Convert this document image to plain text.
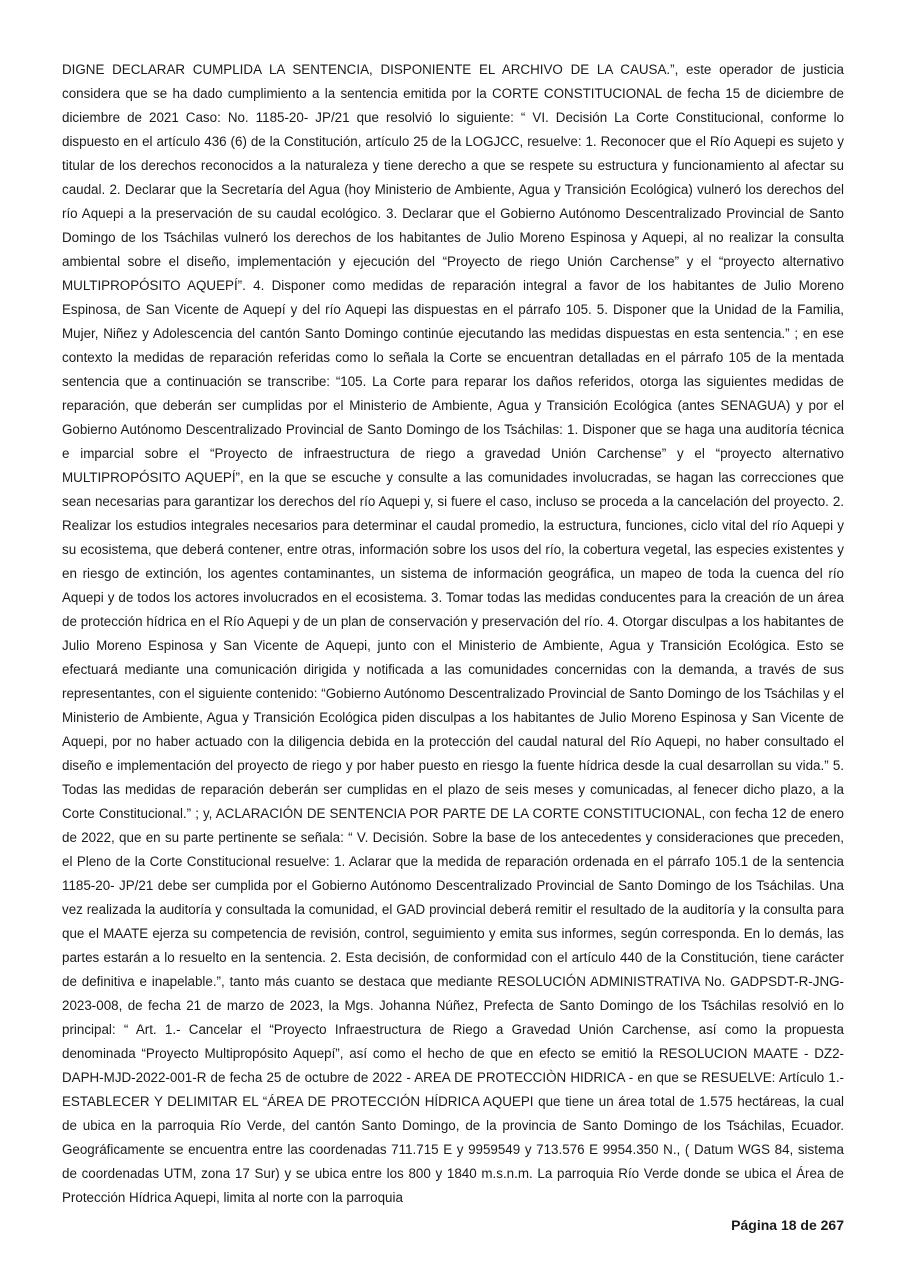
DIGNE DECLARAR CUMPLIDA LA SENTENCIA, DISPONIENTE EL ARCHIVO DE LA CAUSA.”, este operador de justicia considera que se ha dado cumplimiento a la sentencia emitida por la CORTE CONSTITUCIONAL de fecha 15 de diciembre de diciembre de 2021 Caso: No. 1185-20- JP/21 que resolvió lo siguiente: “ VI. Decisión La Corte Constitucional, conforme lo dispuesto en el artículo 436 (6) de la Constitución, artículo 25 de la LOGJCC, resuelve: 1. Reconocer que el Río Aquepi es sujeto y titular de los derechos reconocidos a la naturaleza y tiene derecho a que se respete su estructura y funcionamiento al afectar su caudal. 2. Declarar que la Secretaría del Agua (hoy Ministerio de Ambiente, Agua y Transición Ecológica) vulneró los derechos del río Aquepi a la preservación de su caudal ecológico. 3. Declarar que el Gobierno Autónomo Descentralizado Provincial de Santo Domingo de los Tsáchilas vulneró los derechos de los habitantes de Julio Moreno Espinosa y Aquepi, al no realizar la consulta ambiental sobre el diseño, implementación y ejecución del “Proyecto de riego Unión Carchense” y el “proyecto alternativo MULTIPROPÓSITO AQUEPÍ”. 4. Disponer como medidas de reparación integral a favor de los habitantes de Julio Moreno Espinosa, de San Vicente de Aquepí y del río Aquepi las dispuestas en el párrafo 105. 5. Disponer que la Unidad de la Familia, Mujer, Niñez y Adolescencia del cantón Santo Domingo continúe ejecutando las medidas dispuestas en esta sentencia.” ; en ese contexto la medidas de reparación referidas como lo señala la Corte se encuentran detalladas en el párrafo 105 de la mentada sentencia que a continuación se transcribe: “105. La Corte para reparar los daños referidos, otorga las siguientes medidas de reparación, que deberán ser cumplidas por el Ministerio de Ambiente, Agua y Transición Ecológica (antes SENAGUA) y por el Gobierno Autónomo Descentralizado Provincial de Santo Domingo de los Tsáchilas: 1. Disponer que se haga una auditoría técnica e imparcial sobre el “Proyecto de infraestructura de riego a gravedad Unión Carchense” y el “proyecto alternativo MULTIPROPÓSITO AQUEPÍ”, en la que se escuche y consulte a las comunidades involucradas, se hagan las correcciones que sean necesarias para garantizar los derechos del río Aquepi y, si fuere el caso, incluso se proceda a la cancelación del proyecto. 2. Realizar los estudios integrales necesarios para determinar el caudal promedio, la estructura, funciones, ciclo vital del río Aquepi y su ecosistema, que deberá contener, entre otras, información sobre los usos del río, la cobertura vegetal, las especies existentes y en riesgo de extinción, los agentes contaminantes, un sistema de información geográfica, un mapeo de toda la cuenca del río Aquepi y de todos los actores involucrados en el ecosistema. 3. Tomar todas las medidas conducentes para la creación de un área de protección hídrica en el Río Aquepi y de un plan de conservación y preservación del río. 4. Otorgar disculpas a los habitantes de Julio Moreno Espinosa y San Vicente de Aquepi, junto con el Ministerio de Ambiente, Agua y Transición Ecológica. Esto se efectuará mediante una comunicación dirigida y notificada a las comunidades concernidas con la demanda, a través de sus representantes, con el siguiente contenido: “Gobierno Autónomo Descentralizado Provincial de Santo Domingo de los Tsáchilas y el Ministerio de Ambiente, Agua y Transición Ecológica piden disculpas a los habitantes de Julio Moreno Espinosa y San Vicente de Aquepi, por no haber actuado con la diligencia debida en la protección del caudal natural del Río Aquepi, no haber consultado el diseño e implementación del proyecto de riego y por haber puesto en riesgo la fuente hídrica desde la cual desarrollan su vida.” 5. Todas las medidas de reparación deberán ser cumplidas en el plazo de seis meses y comunicadas, al fenecer dicho plazo, a la Corte Constitucional.” ; y, ACLARACIÓN DE SENTENCIA POR PARTE DE LA CORTE CONSTITUCIONAL, con fecha 12 de enero de 2022, que en su parte pertinente se señala: “ V. Decisión. Sobre la base de los antecedentes y consideraciones que preceden, el Pleno de la Corte Constitucional resuelve: 1. Aclarar que la medida de reparación ordenada en el párrafo 105.1 de la sentencia 1185-20- JP/21 debe ser cumplida por el Gobierno Autónomo Descentralizado Provincial de Santo Domingo de los Tsáchilas. Una vez realizada la auditoría y consultada la comunidad, el GAD provincial deberá remitir el resultado de la auditoría y la consulta para que el MAATE ejerza su competencia de revisión, control, seguimiento y emita sus informes, según corresponda. En lo demás, las partes estarán a lo resuelto en la sentencia. 2. Esta decisión, de conformidad con el artículo 440 de la Constitución, tiene carácter de definitiva e inapelable.”, tanto más cuanto se destaca que mediante RESOLUCIÓN ADMINISTRATIVA No. GADPSDT-R-JNG-2023-008, de fecha 21 de marzo de 2023, la Mgs. Johanna Núñez, Prefecta de Santo Domingo de los Tsáchilas resolvió en lo principal: “ Art. 1.- Cancelar el “Proyecto Infraestructura de Riego a Gravedad Unión Carchense, así como la propuesta denominada “Proyecto Multipropósito Aquepí”, así como el hecho de que en efecto se emitió la RESOLUCION MAATE - DZ2-DAPH-MJD-2022-001-R de fecha 25 de octubre de 2022 - AREA DE PROTECCIÒN HIDRICA - en que se RESUELVE: Artículo 1.- ESTABLECER Y DELIMITAR EL “ÁREA DE PROTECCIÓN HÍDRICA AQUEPI que tiene un área total de 1.575 hectáreas, la cual de ubica en la parroquia Río Verde, del cantón Santo Domingo, de la provincia de Santo Domingo de los Tsáchilas, Ecuador. Geográficamente se encuentra entre las coordenadas 711.715 E y 9959549 y 713.576 E 9954.350 N., ( Datum WGS 84, sistema de coordenadas UTM, zona 17 Sur) y se ubica entre los 800 y 1840 m.s.n.m. La parroquia Río Verde donde se ubica el Área de Protección Hídrica Aquepi, limita al norte con la parroquia

Página 18 de 267
